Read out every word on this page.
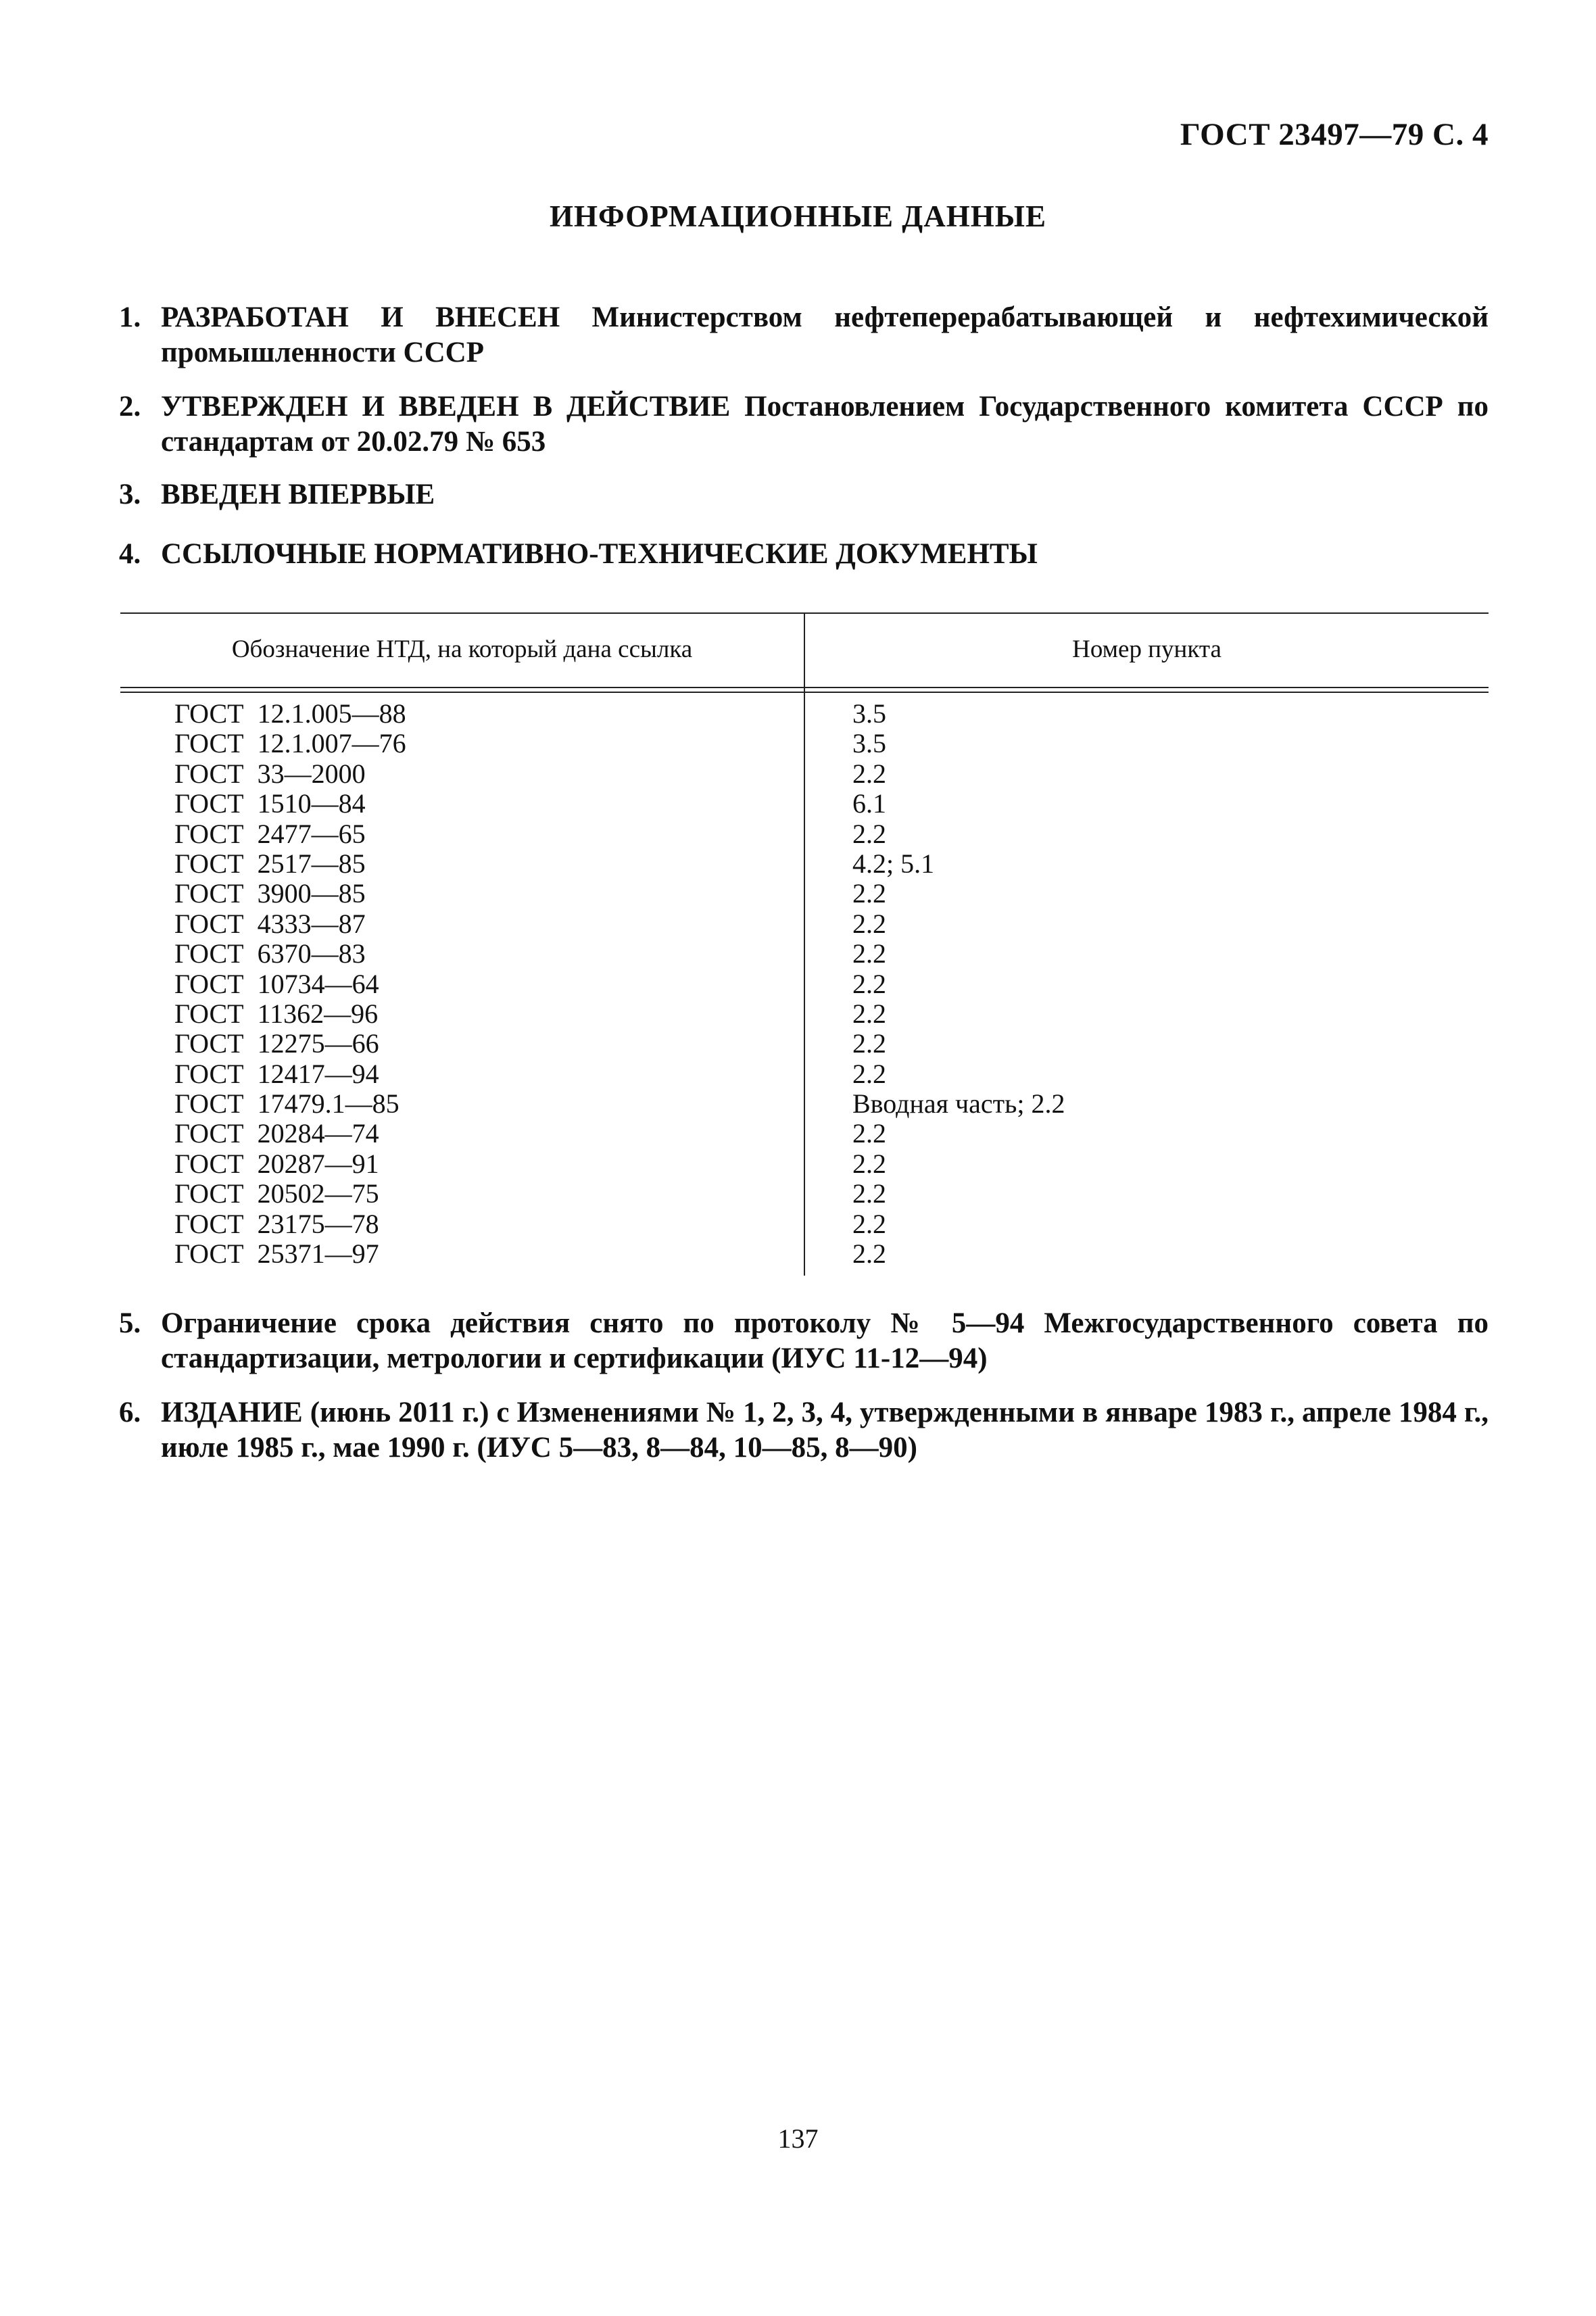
ГОСТ 23497—79 С. 4
ИНФОРМАЦИОННЫЕ ДАННЫЕ
1. РАЗРАБОТАН И ВНЕСЕН Министерством нефтеперерабатывающей и нефтехимической промышленности СССР
2. УТВЕРЖДЕН И ВВЕДЕН В ДЕЙСТВИЕ Постановлением Государственного комитета СССР по стандартам от 20.02.79 № 653
3. ВВЕДЕН ВПЕРВЫЕ
4. ССЫЛОЧНЫЕ НОРМАТИВНО-ТЕХНИЧЕСКИЕ ДОКУМЕНТЫ
Обозначение НТД, на который дана ссылка	Номер пункта
ГОСТ  12.1.005—88	3.5
ГОСТ  12.1.007—76	3.5
ГОСТ  33—2000	2.2
ГОСТ  1510—84	6.1
ГОСТ  2477—65	2.2
ГОСТ  2517—85	4.2; 5.1
ГОСТ  3900—85	2.2
ГОСТ  4333—87	2.2
ГОСТ  6370—83	2.2
ГОСТ  10734—64	2.2
ГОСТ  11362—96	2.2
ГОСТ  12275—66	2.2
ГОСТ  12417—94	2.2
ГОСТ  17479.1—85	Вводная часть; 2.2
ГОСТ  20284—74	2.2
ГОСТ  20287—91	2.2
ГОСТ  20502—75	2.2
ГОСТ  23175—78	2.2
ГОСТ  25371—97	2.2
5. Ограничение срока действия снято по протоколу № 5—94 Межгосударственного совета по стандартизации, метрологии и сертификации (ИУС 11-12—94)
6. ИЗДАНИЕ (июнь 2011 г.) с Изменениями № 1, 2, 3, 4, утвержденными в январе 1983 г., апреле 1984 г., июле 1985 г., мае 1990 г. (ИУС 5—83, 8—84, 10—85, 8—90)
137
